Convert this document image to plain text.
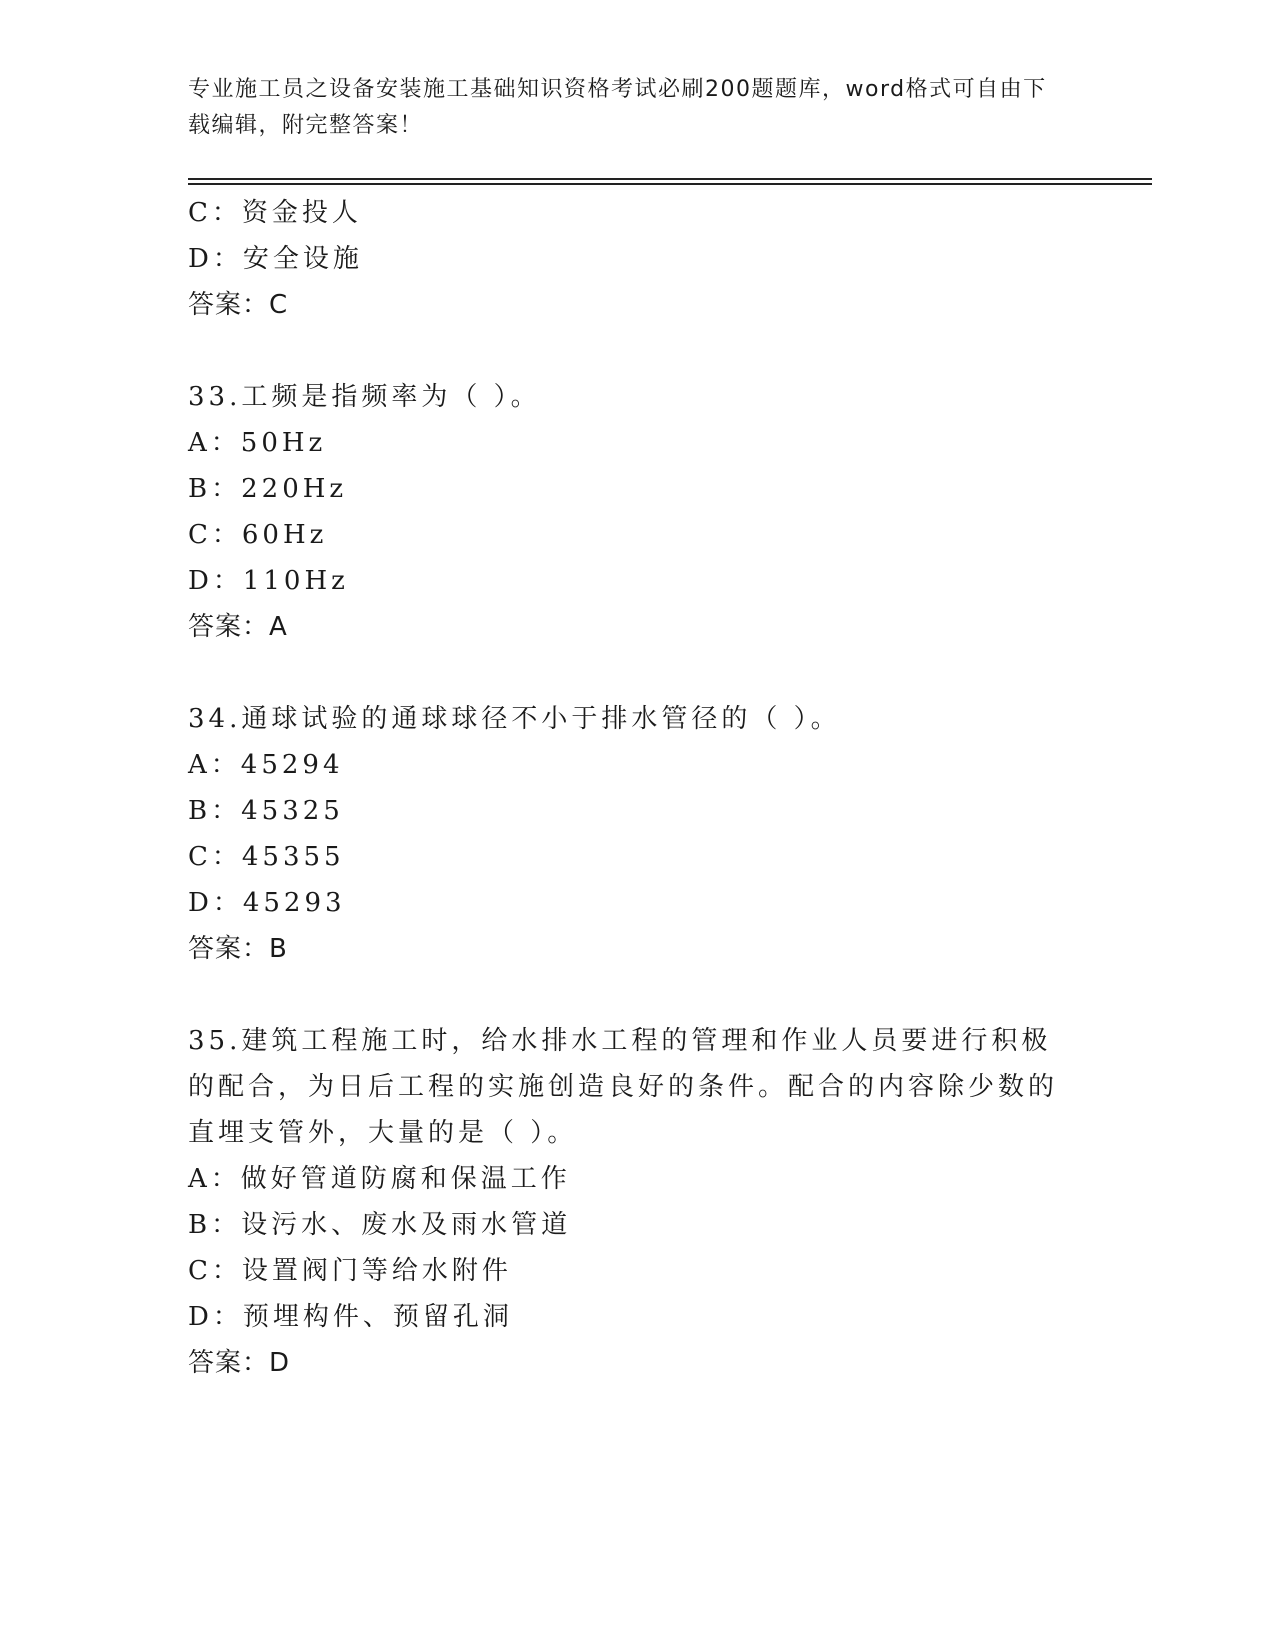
专业施工员之设备安装施工基础知识资格考试必刷200题题库，word格式可自由下载编辑，附完整答案！
C：资金投人
D：安全设施
答案：C
33.工频是指频率为（ ）。
A：50Hz
B：220Hz
C：60Hz
D：110Hz
答案：A
34.通球试验的通球球径不小于排水管径的（ ）。
A：45294
B：45325
C：45355
D：45293
答案：B
35.建筑工程施工时，给水排水工程的管理和作业人员要进行积极的配合，为日后工程的实施创造良好的条件。配合的内容除少数的直埋支管外，大量的是（ ）。
A：做好管道防腐和保温工作
B：设污水、废水及雨水管道
C：设置阀门等给水附件
D：预埋构件、预留孔洞
答案：D
